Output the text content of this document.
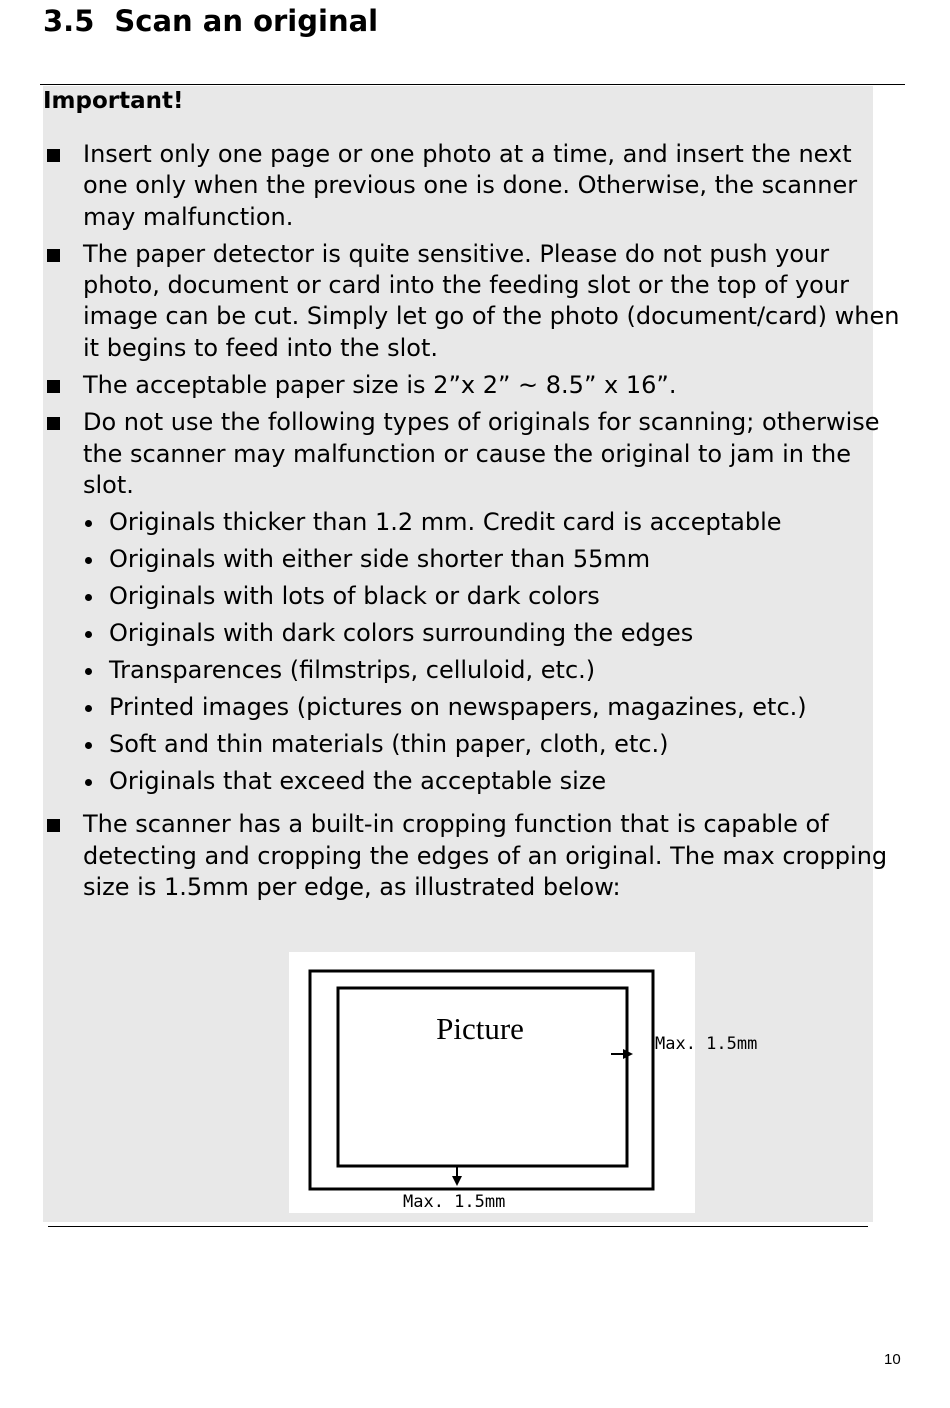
3.5 Scan an original
Important!
Insert only one page or one photo at a time, and insert the next one only when the previous one is done. Otherwise, the scanner may malfunction.
The paper detector is quite sensitive. Please do not push your photo, document or card into the feeding slot or the top of your image can be cut. Simply let go of the photo (document/card) when it begins to feed into the slot.
The acceptable paper size is 2”x 2” ~ 8.5” x 16”.
Do not use the following types of originals for scanning; otherwise the scanner may malfunction or cause the original to jam in the slot.
Originals thicker than 1.2 mm. Credit card is acceptable
Originals with either side shorter than 55mm
Originals with lots of black or dark colors
Originals with dark colors surrounding the edges
Transparences (filmstrips, celluloid, etc.)
Printed images (pictures on newspapers, magazines, etc.)
Soft and thin materials (thin paper, cloth, etc.)
Originals that exceed the acceptable size
The scanner has a built-in cropping function that is capable of detecting and cropping the edges of an original. The max cropping size is 1.5mm per edge, as illustrated below:
Picture	Max. 1.5mm
Max. 1.5mm
10
